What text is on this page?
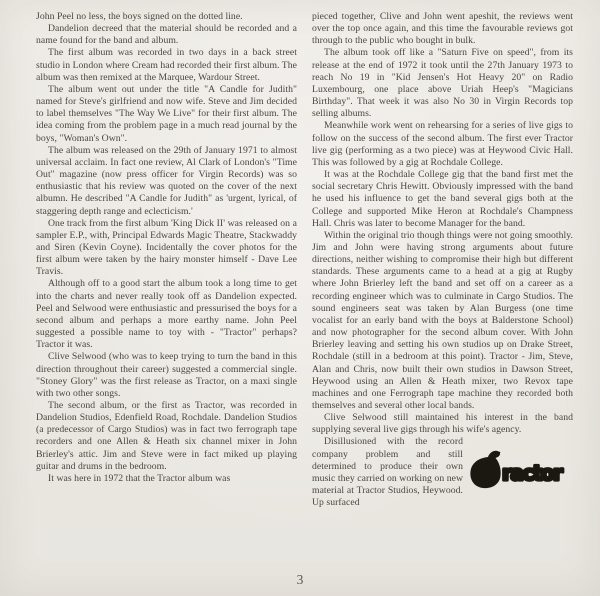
John Peel no less, the boys signed on the dotted line.

Dandelion decreed that the material should be recorded and a name found for the band and album.

The first album was recorded in two days in a back street studio in London where Cream had recorded their first album. The album was then remixed at the Marquee, Wardour Street.

The album went out under the title "A Candle for Judith" named for Steve's girlfriend and now wife. Steve and Jim decided to label themselves "The Way We Live" for their first album. The idea coming from the problem page in a much read journal by the boys, "Woman's Own".

The album was released on the 29th of January 1971 to almost universal acclaim. In fact one review, Al Clark of London's "Time Out" magazine (now press officer for Virgin Records) was so enthusiastic that his review was quoted on the cover of the next albumn. He described "A Candle for Judith" as 'urgent, lyrical, of staggering depth range and eclecticism.'

One track from the first album 'King Dick II' was released on a sampler E.P., with, Principal Edwards Magic Theatre, Stackwaddy and Siren (Kevin Coyne). Incidentally the cover photos for the first album were taken by the hairy monster himself - Dave Lee Travis.

Although off to a good start the album took a long time to get into the charts and never really took off as Dandelion expected. Peel and Selwood were enthusiastic and pressurised the boys for a second album and perhaps a more earthy name. John Peel suggested a possible name to toy with - "Tractor" perhaps? Tractor it was.

Clive Selwood (who was to keep trying to turn the band in this direction throughout their career) suggested a commercial single. "Stoney Glory" was the first release as Tractor, on a maxi single with two other songs.

The second album, or the first as Tractor, was recorded in Dandelion Studios, Edenfield Road, Rochdale. Dandelion Studios (a predecessor of Cargo Studios) was in fact two ferrograph tape recorders and one Allen & Heath six channel mixer in John Brierley's attic. Jim and Steve were in fact miked up playing guitar and drums in the bedroom.

It was here in 1972 that the Tractor album was

pieced together, Clive and John went apeshit, the reviews went over the top once again, and this time the favourable reviews got through to the public who bought in bulk.

The album took off like a "Saturn Five on speed", from its release at the end of 1972 it took until the 27th January 1973 to reach No 19 in "Kid Jensen's Hot Heavy 20" on Radio Luxembourg, one place above Uriah Heep's "Magicians Birthday". That week it was also No 30 in Virgin Records top selling albums.

Meanwhile work went on rehearsing for a series of live gigs to follow on the success of the second album. The first ever Tractor live gig (performing as a two piece) was at Heywood Civic Hall. This was followed by a gig at Rochdale College.

It was at the Rochdale College gig that the band first met the social secretary Chris Hewitt. Obviously impressed with the band he used his influence to get the band several gigs both at the College and supported Mike Heron at Rochdale's Champness Hall. Chris was later to become Manager for the band.

Within the original trio though things were not going smoothly. Jim and John were having strong arguments about future directions, neither wishing to compromise their high but different standards. These arguments came to a head at a gig at Rugby where John Brierley left the band and set off on a career as a recording engineer which was to culminate in Cargo Studios. The sound engineers seat was taken by Alan Burgess (one time vocalist for an early band with the boys at Balderstone School) and now photographer for the second album cover. With John Brierley leaving and setting his own studios up on Drake Street, Rochdale (still in a bedroom at this point). Tractor - Jim, Steve, Alan and Chris, now built their own studios in Dawson Street, Heywood using an Allen & Heath mixer, two Revox tape machines and one Ferrograph tape machine they recorded both themselves and several other local bands.

Clive Selwood still maintained his interest in the band supplying several live gigs through his wife's agency.

ractor
Disillusioned with the record company problem and still determined to produce their own music they carried on working on new material at Tractor Studios, Heywood. Up surfaced

3
